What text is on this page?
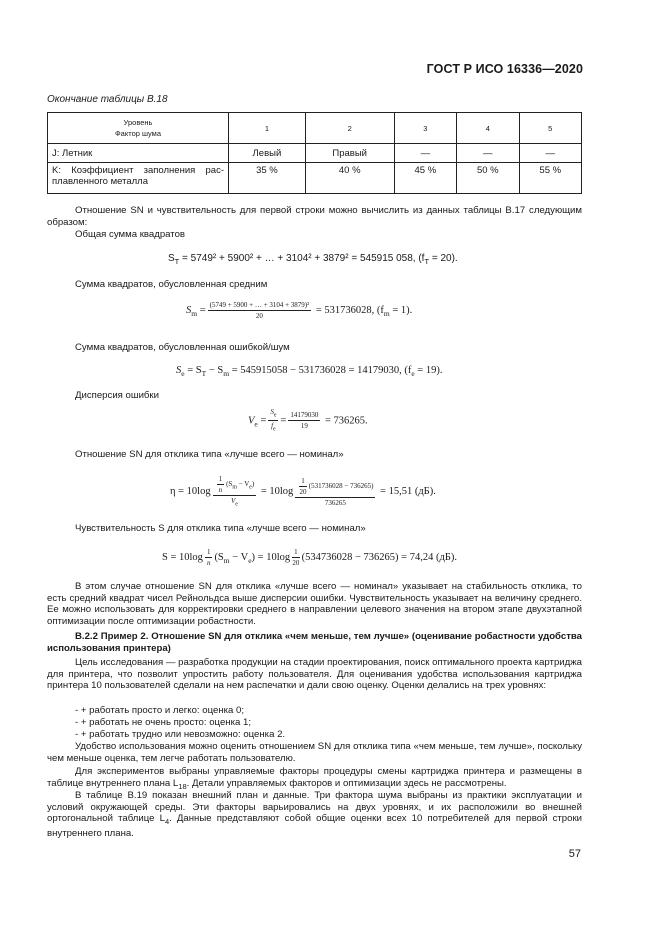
ГОСТ Р ИСО 16336—2020
Окончание таблицы В.18
Уровень
Фактор шума	1	2	3	4	5
J: Летник	Левый	Правый	—	—	—

K: Коэффициент заполнения рас-
плавленного металла	35 %	40 %	45 %	50 %	55 %
Отношение SN и чувствительность для первой строки можно вычислить из данных таблицы В.17 следующим образом:
Общая сумма квадратов
$S_T = 5749^2 + 5900^2$ + … + 3104² + 3879² = 545915 058, $(f_T = 20)$.
Сумма квадратов, обусловленная средним
$S_m = \frac{\text{(5749 + 5900 + … + 3104 + 3879)²}}{20} = 531736028$, $(f_m = 1)$.
Сумма квадратов, обусловленная ошибкой/шум
$S_e = S_T - S_m = 545915058 - 531736028 = 14179030$, $(f_e = 19)$.
Дисперсия ошибки
$V_e = \frac{S_e}{f_e} = \frac{14179030}{19} = 736265$.
Отношение SN для отклика типа «лучше всего — номинал»
$\eta = 10\log \frac{\frac{1}{n} (S_m - V_e)}{V_e} = 10\log \frac{\frac{1}{20} (531736028 - 736265)}{736265} = 15,51$ (дБ).
Чувствительность S для отклика типа «лучше всего — номинал»
$S = 10\log \frac{1}{n} (S_m - V_e) = 10\log \frac{1}{20} (534736028 - 736265) = 74,24$ (дБ).
В этом случае отношение SN для отклика «лучше всего — номинал» указывает на стабильность отклика, то есть средний квадрат чисел Рейнольдса выше дисперсии ошибки. Чувствительность указывает на величину среднего. Ее можно использовать для корректировки среднего в направлении целевого значения на втором этапе двухэтапной оптимизации после оптимизации робастности.
В.2.2 Пример 2. Отношение SN для отклика «чем меньше, тем лучше» (оценивание робастности удобства использования принтера)
Цель исследования — разработка продукции на стадии проектирования, поиск оптимального проекта картриджа для принтера, что позволит упростить работу пользователя. Для оценивания удобства использования картриджа принтера 10 пользователей сделали на нем распечатки и дали свою оценку. Оценки делались на трех уровнях:
- + работать просто и легко: оценка 0;
- + работать не очень просто: оценка 1;
- + работать трудно или невозможно: оценка 2.
Удобство использования можно оценить отношением SN для отклика типа «чем меньше, тем лучше», поскольку чем меньше оценка, тем легче работать пользователю.
Для экспериментов выбраны управляемые факторы процедуры смены картриджа принтера и размещены в таблице внутреннего плана $L_{18}$. Детали управляемых факторов и оптимизации здесь не рассмотрены.
В таблице В.19 показан внешний план и данные. Три фактора шума выбраны из практики эксплуатации и условий окружающей среды. Эти факторы варьировались на двух уровнях, и их расположили во внешней ортогональной таблице $L_4$. Данные представляют собой общие оценки всех 10 потребителей для первой строки внутреннего плана.
57
